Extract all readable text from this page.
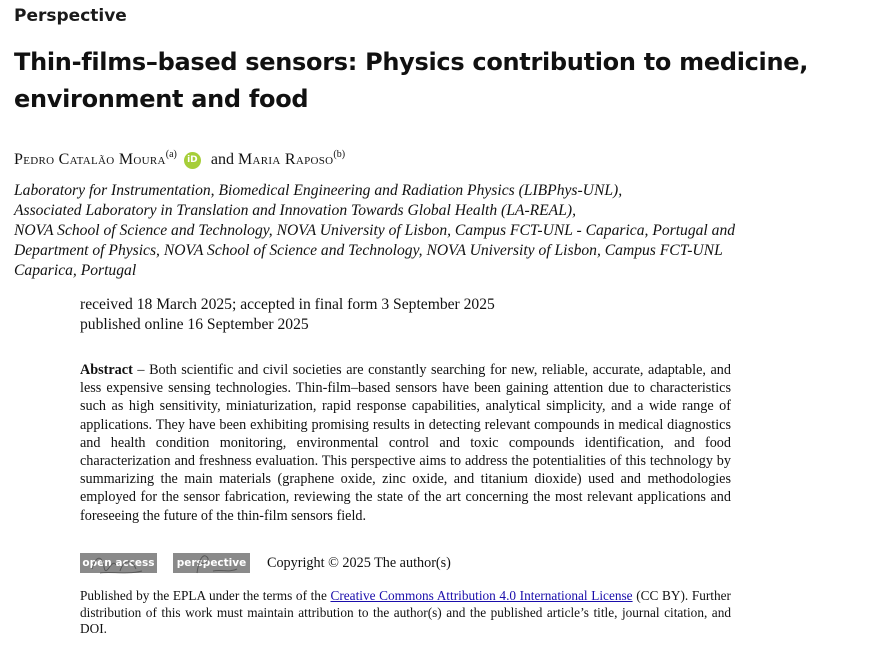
Perspective
Thin-films–based sensors: Physics contribution to medicine, environment and food
Pedro Catalão Moura$^{(a)}$ iD and Maria Raposo$^{(b)}$
Laboratory for Instrumentation, Biomedical Engineering and Radiation Physics (LIBPhys-UNL),
Associated Laboratory in Translation and Innovation Towards Global Health (LA-REAL),
NOVA School of Science and Technology, NOVA University of Lisbon, Campus FCT-UNL - Caparica, Portugal and
Department of Physics, NOVA School of Science and Technology, NOVA University of Lisbon, Campus FCT-UNL
Caparica, Portugal
received 18 March 2025; accepted in final form 3 September 2025
published online 16 September 2025

Abstract – Both scientific and civil societies are constantly searching for new, reliable, accurate, adaptable, and less expensive sensing technologies. Thin-film–based sensors have been gaining attention due to characteristics such as high sensitivity, miniaturization, rapid response capabilities, analytical simplicity, and a wide range of applications. They have been exhibiting promising results in detecting relevant compounds in medical diagnostics and health condition monitoring, environmental control and toxic compounds identification, and food characterization and freshness evaluation. This perspective aims to address the potentialities of this technology by summarizing the main materials (graphene oxide, zinc oxide, and titanium dioxide) used and methodologies employed for the sensor fabrication, reviewing the state of the art concerning the most relevant applications and foreseeing the future of the thin-film sensors field.

open access	perspective Copyright © 2025 The author(s)

Published by the EPLA under the terms of the Creative Commons Attribution 4.0 International License (CC BY). Further distribution of this work must maintain attribution to the author(s) and the published article’s title, journal citation, and DOI.
